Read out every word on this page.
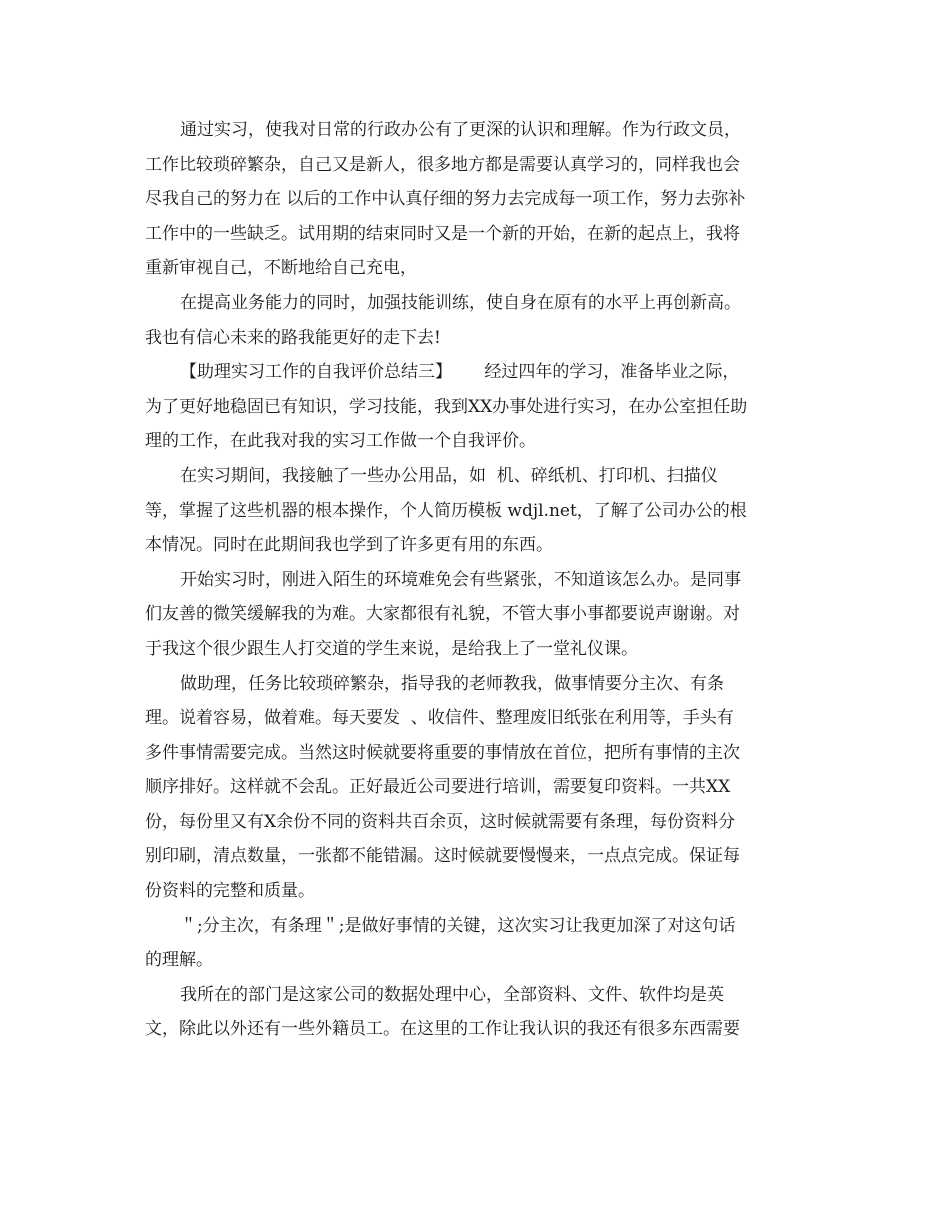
通过实习，使我对日常的行政办公有了更深的认识和理解。作为行政文员，
工作比较琐碎繁杂，自己又是新人，很多地方都是需要认真学习的，同样我也会
尽我自己的努力在 以后的工作中认真仔细的努力去完成每一项工作，努力去弥补
工作中的一些缺乏。试用期的结束同时又是一个新的开始，在新的起点上，我将
重新审视自己，不断地给自己充电，
在提高业务能力的同时，加强技能训练，使自身在原有的水平上再创新高。
我也有信心未来的路我能更好的走下去!
【助理实习工作的自我评价总结三】      经过四年的学习，准备毕业之际，
为了更好地稳固已有知识，学习技能，我到XX办事处进行实习，在办公室担任助
理的工作，在此我对我的实习工作做一个自我评价。
在实习期间，我接触了一些办公用品，如  机、碎纸机、打印机、扫描仪
等，掌握了这些机器的根本操作，个人简历模板 wdjl.net，了解了公司办公的根
本情况。同时在此期间我也学到了许多更有用的东西。
开始实习时，刚进入陌生的环境难免会有些紧张，不知道该怎么办。是同事
们友善的微笑缓解我的为难。大家都很有礼貌，不管大事小事都要说声谢谢。对
于我这个很少跟生人打交道的学生来说，是给我上了一堂礼仪课。
做助理，任务比较琐碎繁杂，指导我的老师教我，做事情要分主次、有条
理。说着容易，做着难。每天要发  、收信件、整理废旧纸张在利用等，手头有
多件事情需要完成。当然这时候就要将重要的事情放在首位，把所有事情的主次
顺序排好。这样就不会乱。正好最近公司要进行培训，需要复印资料。一共XX
份，每份里又有X余份不同的资料共百余页，这时候就需要有条理，每份资料分
别印刷，清点数量，一张都不能错漏。这时候就要慢慢来，一点点完成。保证每
份资料的完整和质量。
＂;分主次，有条理＂;是做好事情的关键，这次实习让我更加深了对这句话
的理解。
我所在的部门是这家公司的数据处理中心，全部资料、文件、软件均是英
文，除此以外还有一些外籍员工。在这里的工作让我认识的我还有很多东西需要
